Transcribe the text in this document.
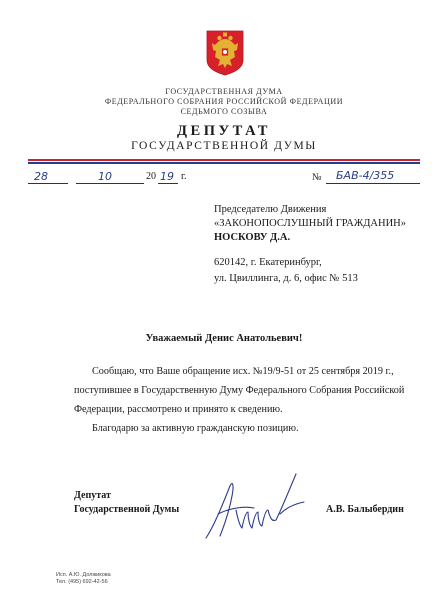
ГОСУДАРСТВЕННАЯ ДУМА
ФЕДЕРАЛЬНОГО СОБРАНИЯ РОССИЙСКОЙ ФЕДЕРАЦИИ
СЕДЬМОГО СОЗЫВА
ДЕПУТАТ
ГОСУДАРСТВЕННОЙ ДУМЫ
28	10	20 19 г.	№ БАВ-4/355
Председателю Движения
«ЗАКОНОПОСЛУШНЫЙ ГРАЖДАНИН»
НОСКОВУ Д.А.
620142, г. Екатеринбург,
ул. Цвиллинга, д. 6, офис № 513
Уважаемый Денис Анатольевич!
Сообщаю, что Ваше обращение исх. №19/9-51 от 25 сентября 2019 г.,
поступившее в Государственную Думу Федерального Собрания Российской
Федерации, рассмотрено и принято к сведению.
Благодарю за активную гражданскую позицию.
Депутат
Государственной Думы	А.В. Балыбердин
Исп. А.Ю. Должикова
Тел. (495) 692-42-56
